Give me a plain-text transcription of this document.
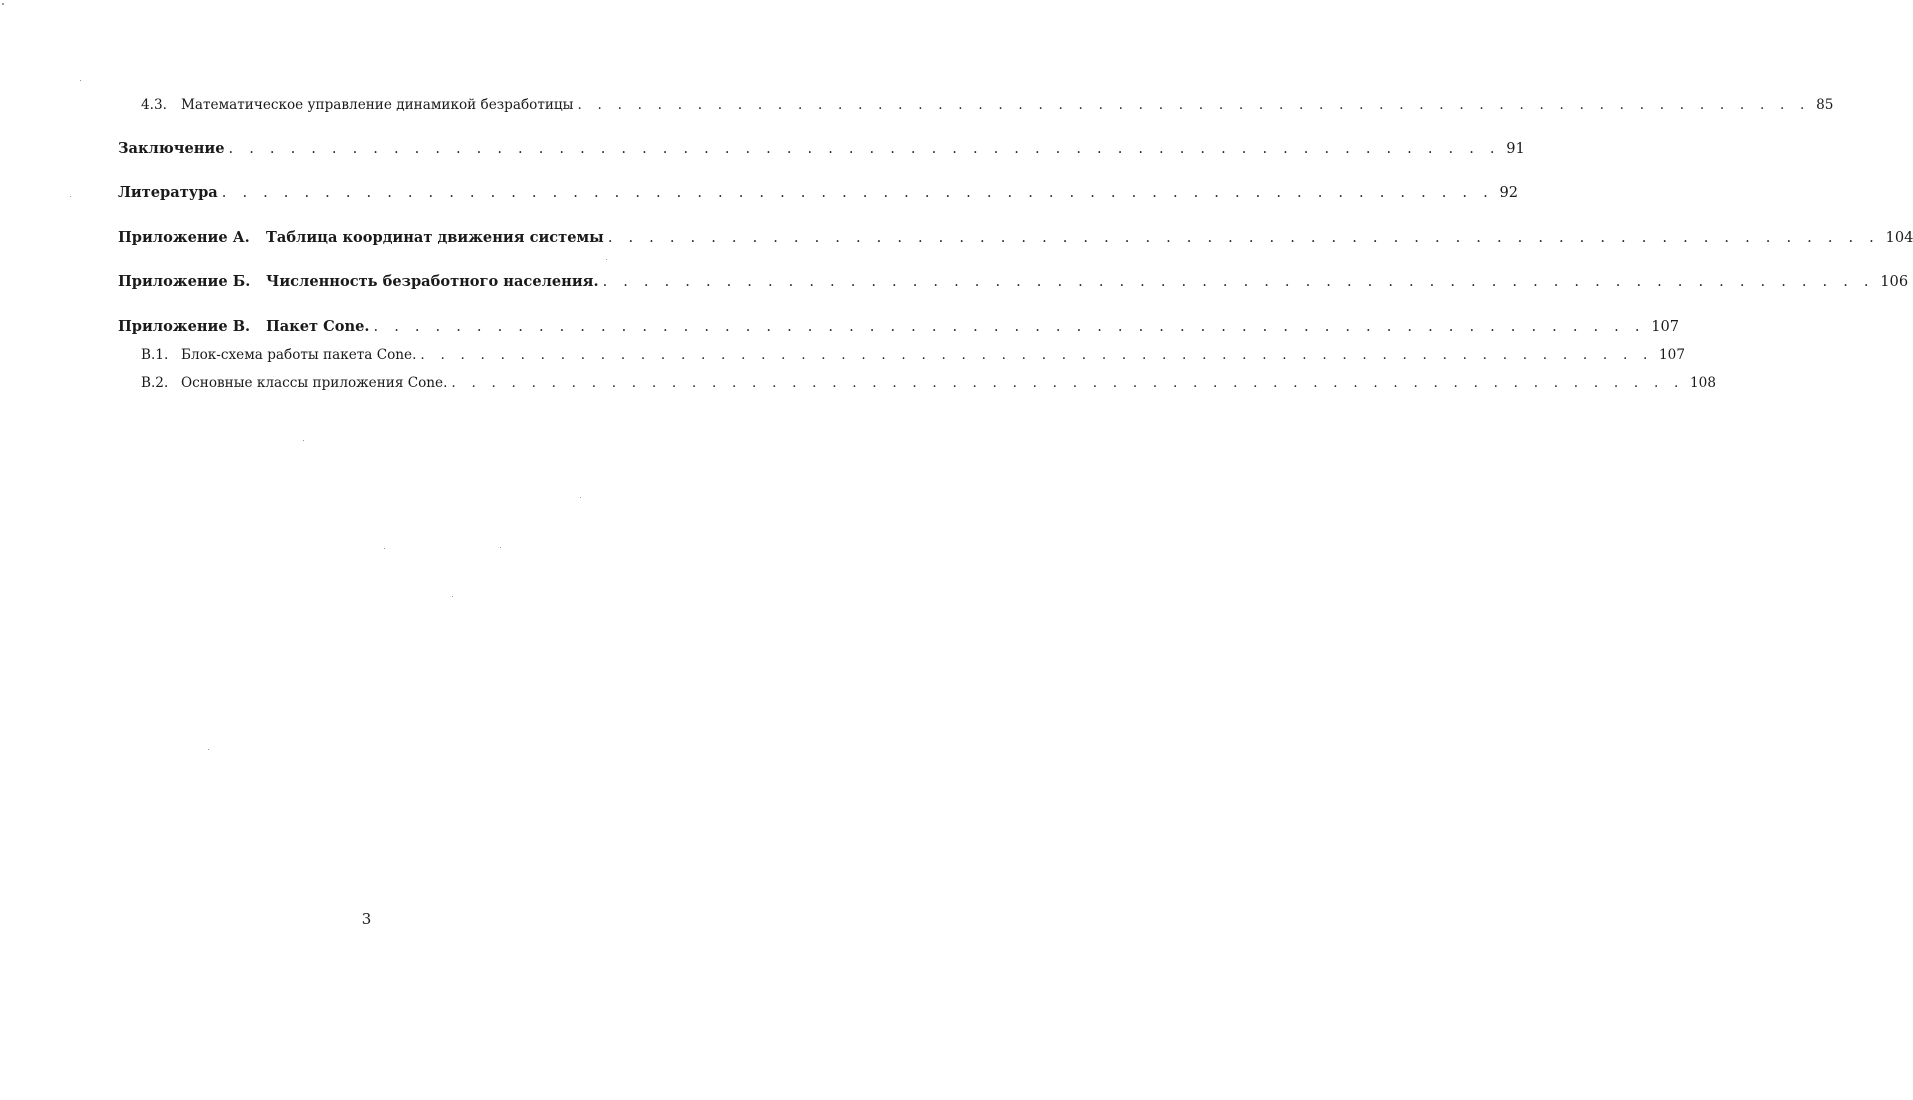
4.3.	Математическое управление динамикой безработицы . . . . . . . . . . . . . . . . . . . . . . . . . . . . . . . . . . . . . . . . . . . . . . . . . . . . . . . . . . . . . . 85
Заключение . . . . . . . . . . . . . . . . . . . . . . . . . . . . . . . . . . . . . . . . . . . . . . . . . . . . . . . . . . . . . . 91
Литература . . . . . . . . . . . . . . . . . . . . . . . . . . . . . . . . . . . . . . . . . . . . . . . . . . . . . . . . . . . . . . 92
Приложение А.	Таблица координат движения системы . . . . . . . . . . . . . . . . . . . . . . . . . . . . . . . . . . . . . . . . . . . . . . . . . . . . . . . . . . . . . . 104
Приложение Б.	Численность безработного населения. . . . . . . . . . . . . . . . . . . . . . . . . . . . . . . . . . . . . . . . . . . . . . . . . . . . . . . . . . . . . . . 106
Приложение В.	Пакет Cone. . . . . . . . . . . . . . . . . . . . . . . . . . . . . . . . . . . . . . . . . . . . . . . . . . . . . . . . . . . . . . . 107
В.1. Блок-схема работы пакета Cone. . . . . . . . . . . . . . . . . . . . . . . . . . . . . . . . . . . . . . . . . . . . . . . . . . . . . . . . . . . . . . . 107
В.2. Основные классы приложения Cone. . . . . . . . . . . . . . . . . . . . . . . . . . . . . . . . . . . . . . . . . . . . . . . . . . . . . . . . . . . . . . . 108
3
